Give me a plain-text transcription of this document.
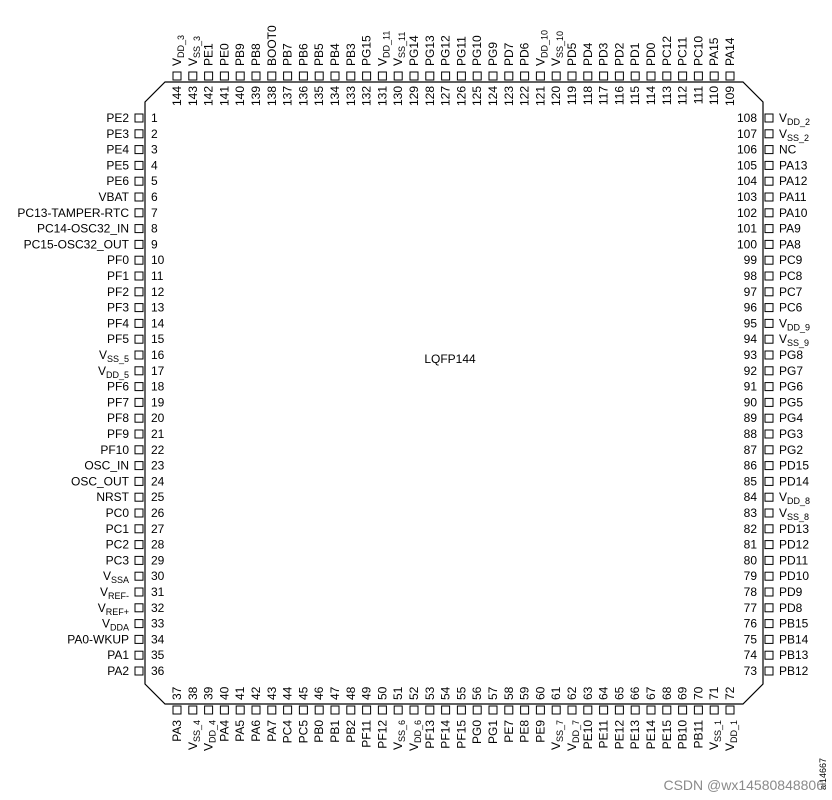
LQFP144
PE2 1
PE3 2
PE4 3
PE5 4
PE6 5
VBAT 6
PC13-TAMPER-RTC 7
PC14-OSC32_IN 8
PC15-OSC32_OUT 9
PF0 10
PF1 11
PF2 12
PF3 13
PF4 14
PF5 15
VSS_5 16
VDD_5 17
PF6 18
PF7 19
PF8 20
PF9 21
PF10 22
OSC_IN 23
OSC_OUT 24
NRST 25
PC0 26
PC1 27
PC2 28
PC3 29
VSSA 30
VREF- 31
VREF+ 32
VDDA 33
PA0-WKUP 34
PA1 35
PA2 36
VDD_2
108
VSS_2
107
NC
106
PA13
105
PA12
104
PA11
103
PA10
102
PA9
101
PA8
100
PC9
99
PC8
98
PC7
97
PC6
96
VDD_9
95
VSS_9
94
PG8
93
PG7
92
PG6
91
PG5
90
PG4
89
PG3
88
PG2
87
PD15
86
PD14
85
VDD_8
84
VSS_8
83
PD13
82
PD12
81
PD11
80
PD10
79
PD9
78
PD8
77
PB15
76
PB14
75
PB13
74
PB12
73
VDD_3
144
VSS_3
143
PE1
142
PE0
141
PB9
140
PB8
139
BOOT0
138
PB7
137
PB6
136
PB5
135
PB4
134
PB3
133
PG15
132
VDD_11
131
VSS_11
130
PG14
129
PG13
128
PG12
127
PG11
126
PG10
125
PG9
124
PD7
123
PD6
122
VDD_10
121
VSS_10
120
PD5
119
PD4
118
PD3
117
PD2
116
PD1
115
PD0
114
PC12
113
PC11
112
PC10
111
PA15
110
PA14
109
37
PA3
38
VSS_4
39
VDD_4
40
PA4
41
PA5
42
PA6
43
PA7
44
PC4
45
PC5
46
PB0
47
PB1
48
PB2
49
PF11
50
PF12
51
VSS_6
52
VDD_6
53
PF13
54
PF14
55
PF15
56
PG0
57
PG1
58
PE7
59
PE8
60
PE9
61
VSS_7
62
VDD_7
63
PE10
64
PE11
65
PE12
66
PE13
67
PE14
68
PE15
69
PB10
70
PB11
71
VSS_1
72
VDD_1
ai14667
CSDN @wx14580848806
